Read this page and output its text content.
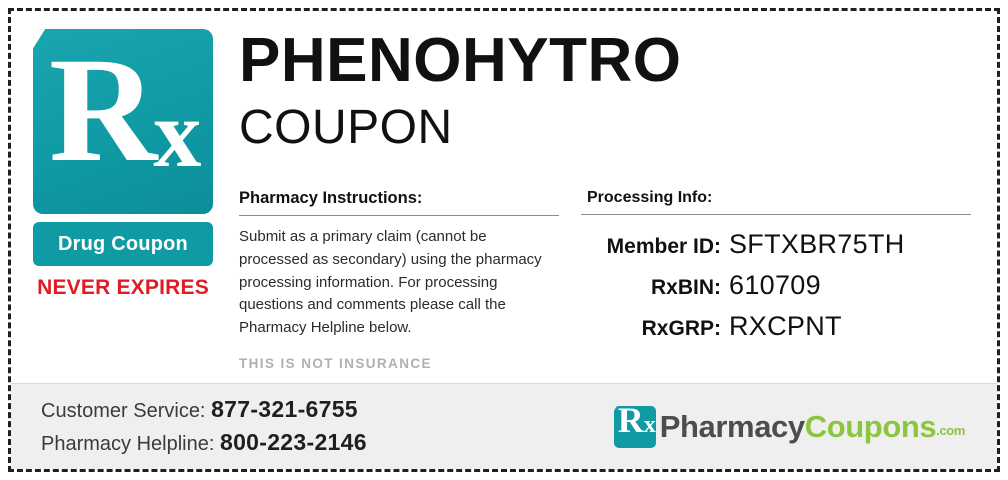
Rx
Drug Coupon
NEVER EXPIRES
PHENOHYTRO
COUPON
Pharmacy Instructions:
Submit as a primary claim (cannot be processed as secondary) using the pharmacy processing information. For processing questions and comments please call the Pharmacy Helpline below.
THIS IS NOT INSURANCE
Processing Info:
Member ID: SFTXBR75TH
RxBIN: 610709
RxGRP: RXCPNT
Customer Service: 877-321-6755
Pharmacy Helpline: 800-223-2146
Rx PharmacyCoupons.com
